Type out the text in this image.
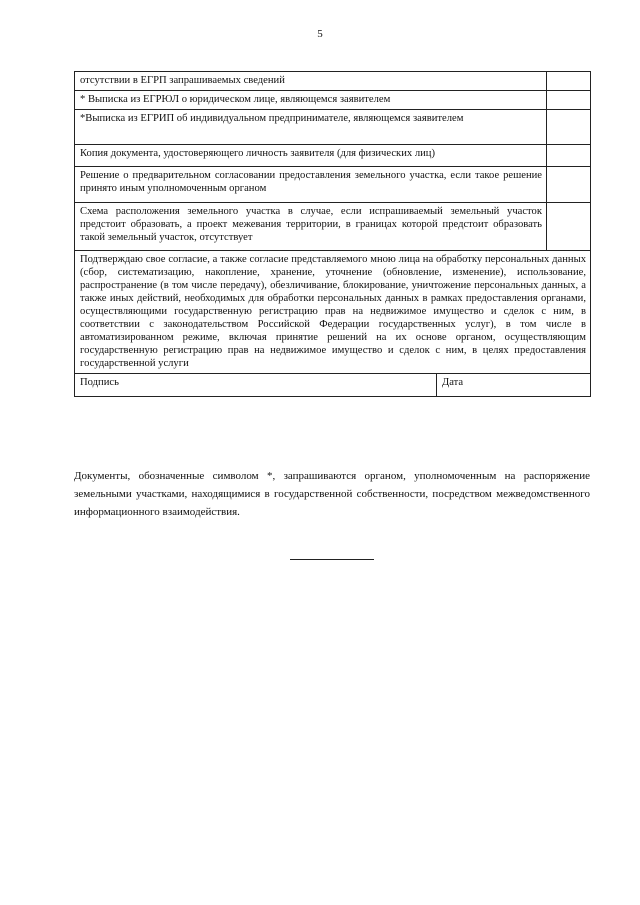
5
отсутствии в ЕГРП запрашиваемых сведений		
* Выписка из ЕГРЮЛ о юридическом лице, являющемся заявителем		
*Выписка из ЕГРИП об индивидуальном предпринимателе, являющемся заявителем		
Копия документа, удостоверяющего личность заявителя (для физических лиц)		
Решение о предварительном согласовании предоставления земельного участка, если такое решение принято иным уполномоченным органом		
Схема расположения земельного участка в случае, если испрашиваемый земельный участок предстоит образовать, а проект межевания территории, в границах которой предстоит образовать такой земельный участок, отсутствует		
Подтверждаю свое согласие, а также согласие представляемого мною лица на обработку персональных данных (сбор, систематизацию, накопление, хранение, уточнение (обновление, изменение), использование, распространение (в том числе передачу), обезличивание, блокирование, уничтожение персональных данных, а также иных действий, необходимых для обработки персональных данных в рамках предоставления органами, осуществляющими государственную регистрацию прав на недвижимое имущество и сделок с ним, в соответствии с законодательством Российской Федерации государственных услуг), в том числе в автоматизированном режиме, включая принятие решений на их основе органом, осуществляющим государственную регистрацию прав на недвижимое имущество и сделок с ним, в целях предоставления государственной услуги		
Подпись	Дата	
Документы, обозначенные символом *, запрашиваются органом, уполномоченным на распоряжение земельными участками, находящимися в государственной собственности, посредством межведомственного информационного взаимодействия.
